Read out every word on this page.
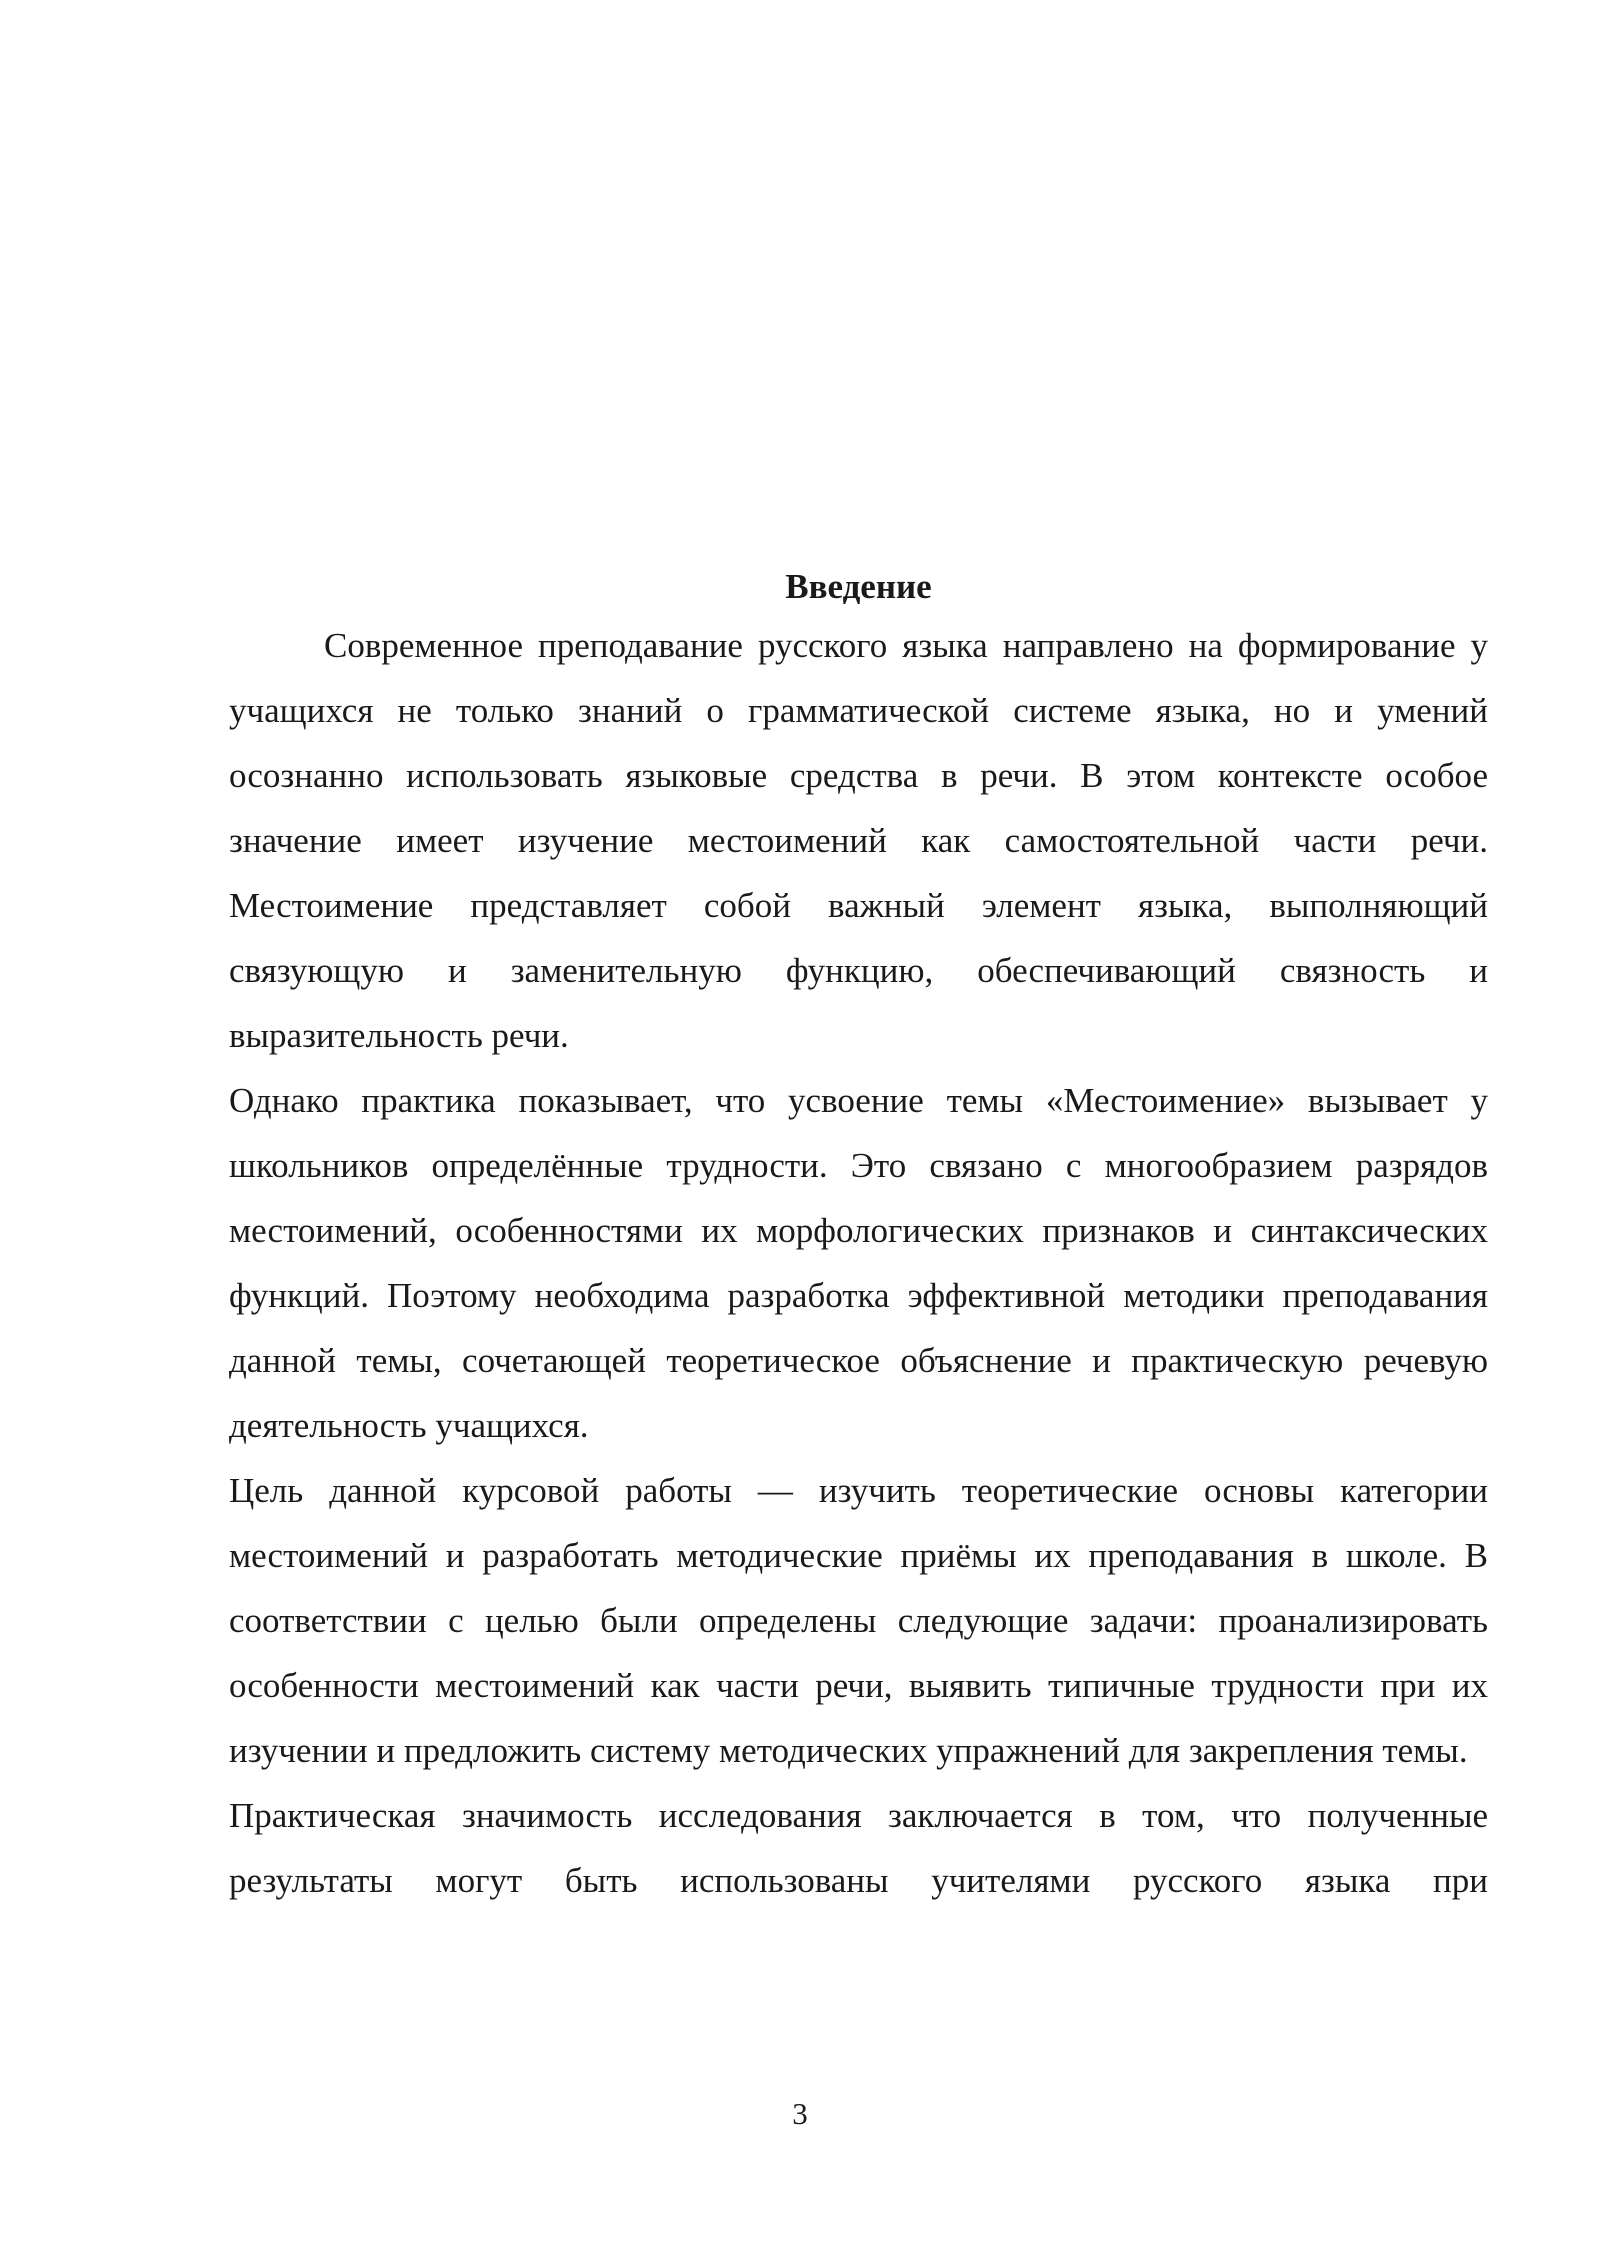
Введение

Современное преподавание русского языка направлено на формирование у учащихся не только знаний о грамматической системе языка, но и умений осознанно использовать языковые средства в речи. В этом контексте особое значение имеет изучение местоимений как самостоятельной части речи. Местоимение представляет собой важный элемент языка, выполняющий связующую и заменительную функцию, обеспечивающий связность и выразительность речи.

Однако практика показывает, что усвоение темы «Местоимение» вызывает у школьников определённые трудности. Это связано с многообразием разрядов местоимений, особенностями их морфологических признаков и синтаксических функций. Поэтому необходима разработка эффективной методики преподавания данной темы, сочетающей теоретическое объяснение и практическую речевую деятельность учащихся.

Цель данной курсовой работы — изучить теоретические основы категории местоимений и разработать методические приёмы их преподавания в школе. В соответствии с целью были определены следующие задачи: проанализировать особенности местоимений как части речи, выявить типичные трудности при их изучении и предложить систему методических упражнений для закрепления темы.

Практическая значимость исследования заключается в том, что полученные результаты могут быть использованы учителями русского языка при

3
